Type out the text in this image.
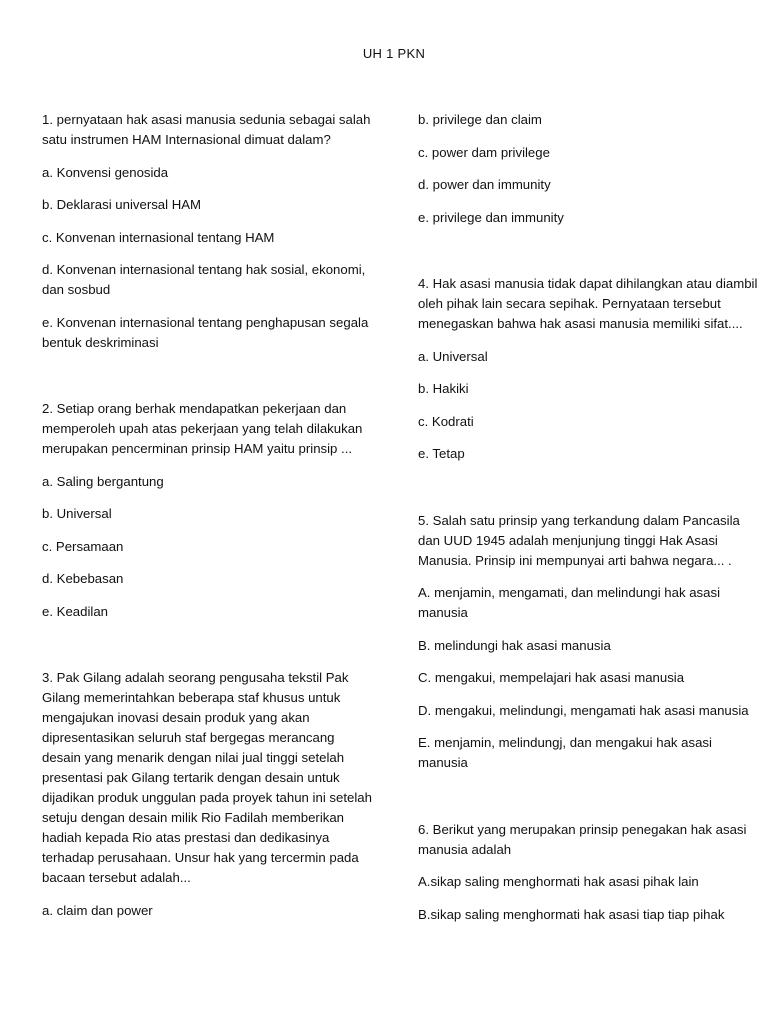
UH 1 PKN

1. pernyataan hak asasi manusia sedunia sebagai salah satu instrumen HAM Internasional dimuat dalam?

a. Konvensi genosida

b. Deklarasi universal HAM

c. Konvenan internasional tentang HAM

d. Konvenan internasional tentang hak sosial, ekonomi, dan sosbud

e. Konvenan internasional tentang penghapusan segala bentuk deskriminasi

2. Setiap orang berhak mendapatkan pekerjaan dan memperoleh upah atas pekerjaan yang telah dilakukan merupakan pencerminan prinsip HAM yaitu prinsip ...

a. Saling bergantung

b. Universal

c. Persamaan

d. Kebebasan

e. Keadilan

3. Pak Gilang adalah seorang pengusaha tekstil Pak Gilang memerintahkan beberapa staf khusus untuk mengajukan inovasi desain produk yang akan dipresentasikan seluruh staf bergegas merancang desain yang menarik dengan nilai jual tinggi setelah presentasi pak Gilang tertarik dengan desain untuk dijadikan produk unggulan pada proyek tahun ini setelah setuju dengan desain milik Rio Fadilah memberikan hadiah kepada Rio atas prestasi dan dedikasinya terhadap perusahaan. Unsur hak yang tercermin pada bacaan tersebut adalah...

a. claim dan power

b. privilege dan claim

c. power dam privilege

d. power dan immunity

e. privilege dan immunity

4. Hak asasi manusia tidak dapat dihilangkan atau diambil oleh pihak lain secara sepihak. Pernyataan tersebut menegaskan bahwa hak asasi manusia memiliki sifat....

a. Universal

b. Hakiki

c. Kodrati

e. Tetap

5. Salah satu prinsip yang terkandung dalam Pancasila dan UUD 1945 adalah menjunjung tinggi Hak Asasi Manusia. Prinsip ini mempunyai arti bahwa negara... .

A. menjamin, mengamati, dan melindungi hak asasi manusia

B. melindungi hak asasi manusia

C. mengakui, mempelajari hak asasi manusia

D. mengakui, melindungi, mengamati hak asasi manusia

E. menjamin, melindungj, dan mengakui hak asasi manusia

6. Berikut yang merupakan prinsip penegakan hak asasi manusia adalah

A.sikap saling menghormati hak asasi pihak lain

B.sikap saling menghormati hak asasi tiap tiap pihak
